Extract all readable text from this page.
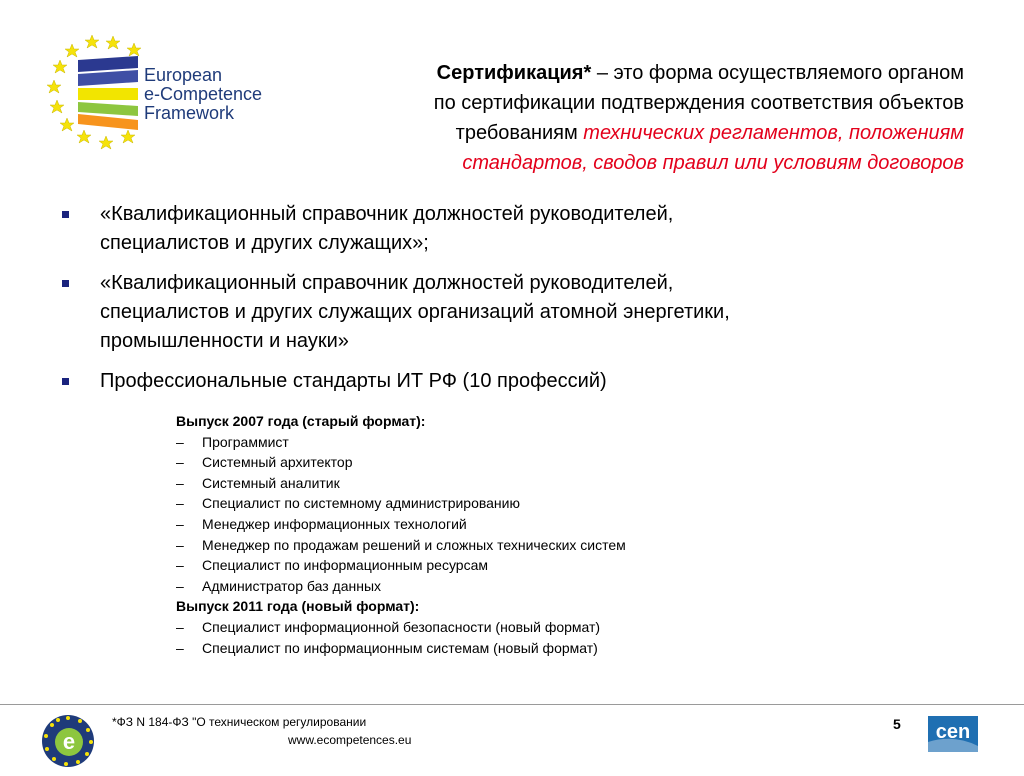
European
e-Competence
Framework
Сертификация* – это форма осуществляемого органом
по сертификации подтверждения соответствия объектов
требованиям технических регламентов, положениям
стандартов, сводов правил или условиям договоров
«Квалификационный справочник должностей руководителей,
специалистов и других служащих»;
«Квалификационный справочник должностей руководителей,
специалистов и других служащих организаций атомной энергетики,
промышленности и науки»
Профессиональные стандарты ИТ РФ (10 профессий)
Выпуск 2007 года (старый формат):
– Программист
– Системный архитектор
– Системный аналитик
– Специалист по системному администрированию
– Менеджер информационных технологий
– Менеджер по продажам решений и сложных технических систем
– Специалист по информационным ресурсам
– Администратор баз данных
Выпуск 2011 года (новый формат):
– Специалист информационной безопасности (новый формат)
– Специалист по информационным системам (новый формат)
e
*ФЗ N 184-ФЗ "О техническом регулировании
www.ecompetences.eu
5 cen
